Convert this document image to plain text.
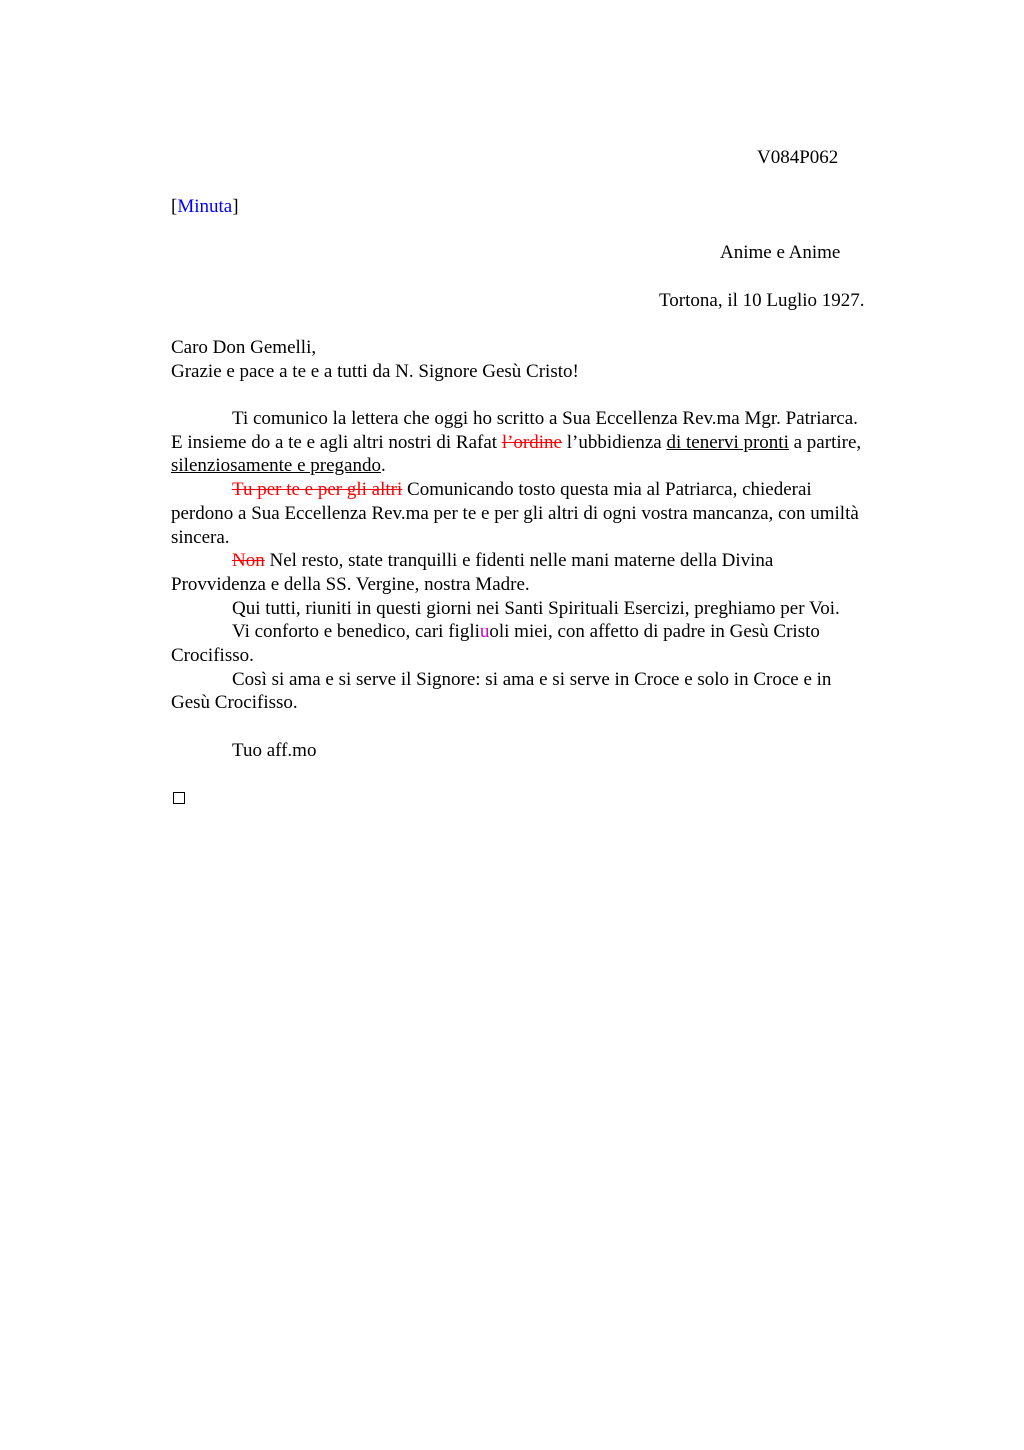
V084P062
[Minuta]
Anime e Anime
Tortona, il 10 Luglio 1927.
Caro Don Gemelli,
Grazie e pace a te e a tutti da N. Signore Gesù Cristo!
Ti comunico la lettera che oggi ho scritto a Sua Eccellenza Rev.ma Mgr. Patriarca.
E insieme do a te e agli altri nostri di Rafat l’ordine l’ubbidienza di tenervi pronti a partire,
silenziosamente e pregando.
Tu per te e per gli altri Comunicando tosto questa mia al Patriarca, chiederai
perdono a Sua Eccellenza Rev.ma per te e per gli altri di ogni vostra mancanza, con umiltà
sincera.
Non Nel resto, state tranquilli e fidenti nelle mani materne della Divina
Provvidenza e della SS. Vergine, nostra Madre.
Qui tutti, riuniti in questi giorni nei Santi Spirituali Esercizi, preghiamo per Voi.
Vi conforto e benedico, cari figliuoli miei, con affetto di padre in Gesù Cristo
Crocifisso.
Così si ama e si serve il Signore: si ama e si serve in Croce e solo in Croce e in
Gesù Crocifisso.
Tuo aff.mo
